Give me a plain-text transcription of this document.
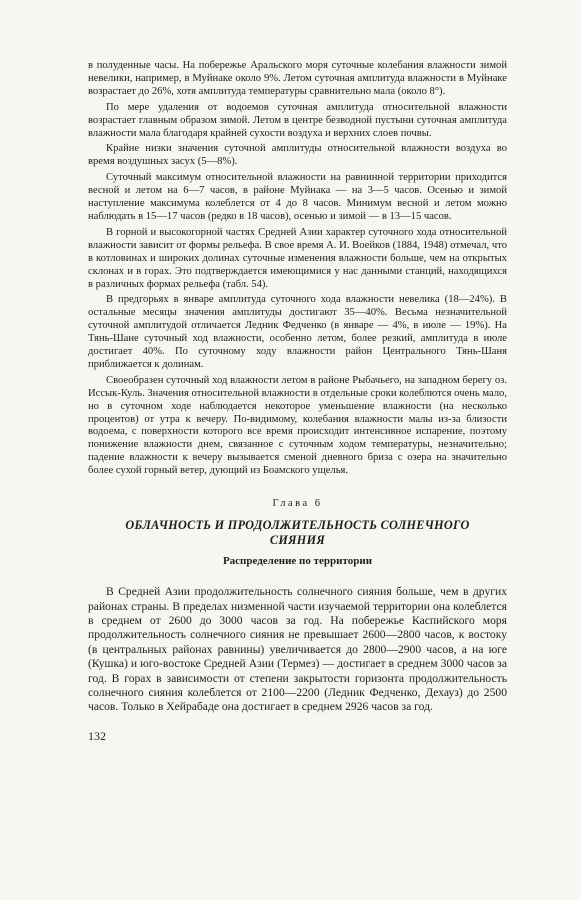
в полуденные часы. На побережье Аральского моря суточные колебания влажности зимой невелики, например, в Муйнаке около 9%. Летом суточная амплитуда влажности в Муйнаке возрастает до 26%, хотя амплитуда температуры сравнительно мала (около 8°).

По мере удаления от водоемов суточная амплитуда относительной влажности возрастает главным образом зимой. Летом в центре безводной пустыни суточная амплитуда влажности мала благодаря крайней сухости воздуха и верхних слоев почвы.

Крайне низки значения суточной амплитуды относительной влажности воздуха во время воздушных засух (5—8%).

Суточный максимум относительной влажности на равнинной территории приходится весной и летом на 6—7 часов, в районе Муйнака — на 3—5 часов. Осенью и зимой наступление максимума колеблется от 4 до 8 часов. Минимум весной и летом можно наблюдать в 15—17 часов (редко в 18 часов), осенью и зимой — в 13—15 часов.

В горной и высокогорной частях Средней Азии характер суточного хода относительной влажности зависит от формы рельефа. В свое время А. И. Воейков (1884, 1948) отмечал, что в котловинах и широких долинах суточные изменения влажности больше, чем на открытых склонах и в горах. Это подтверждается имеющимися у нас данными станций, находящихся в различных формах рельефа (табл. 54).

В предгорьях в январе амплитуда суточного хода влажности невелика (18—24%). В остальные месяцы значения амплитуды достигают 35—40%. Весьма незначительной суточной амплитудой отличается Ледник Федченко (в январе — 4%, в июле — 19%). На Тянь-Шане суточный ход влажности, особенно летом, более резкий, амплитуда в июле достигает 40%. По суточному ходу влажности район Центрального Тянь-Шаня приближается к долинам.

Своеобразен суточный ход влажности летом в районе Рыбачьего, на западном берегу оз. Иссык-Куль. Значения относительной влажности в отдельные сроки колеблются очень мало, но в суточном ходе наблюдается некоторое уменьшение влажности (на несколько процентов) от утра к вечеру. По-видимому, колебания влажности малы из-за близости водоема, с поверхности которого все время происходит интенсивное испарение, поэтому понижение влажности днем, связанное с суточным ходом температуры, незначительно; падение влажности к вечеру вызывается сменой дневного бриза с озера на значительно более сухой горный ветер, дующий из Боамского ущелья.

Глава 6
ОБЛАЧНОСТЬ И ПРОДОЛЖИТЕЛЬНОСТЬ СОЛНЕЧНОГО СИЯНИЯ
Распределение по территории

В Средней Азии продолжительность солнечного сияния больше, чем в других районах страны. В пределах низменной части изучаемой территории она колеблется в среднем от 2600 до 3000 часов за год. На побережье Каспийского моря продолжительность солнечного сияния не превышает 2600—2800 часов, к востоку (в центральных районах равнины) увеличивается до 2800—2900 часов, а на юге (Кушка) и юго-востоке Средней Азии (Термез) — достигает в среднем 3000 часов за год. В горах в зависимости от степени закрытости горизонта продолжительность солнечного сияния колеблется от 2100—2200 (Ледник Федченко, Дехауз) до 2500 часов. Только в Хейрабаде она достигает в среднем 2926 часов за год.

132
